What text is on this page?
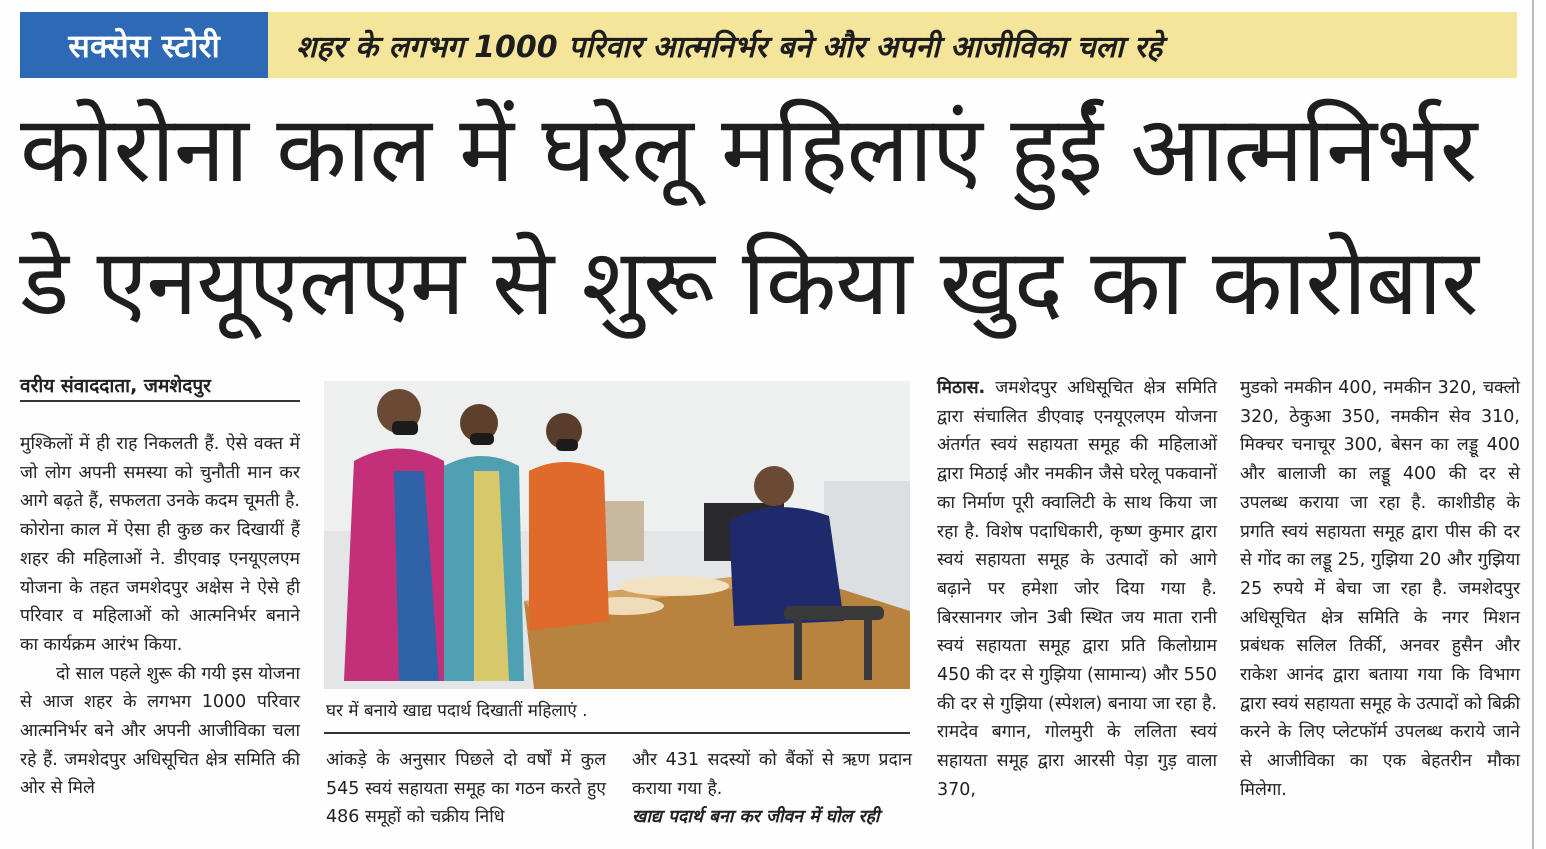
सक्सेस स्टोरी	शहर के लगभग 1000 परिवार आत्मनिर्भर बने और अपनी आजीविका चला रहे
कोरोना काल में घरेलू महिलाएं हुईं आत्मनिर्भर
डे एनयूएलएम से शुरू किया खुद का कारोबार
वरीय संवाददाता, जमशेदपुर

मुश्किलों में ही राह निकलती हैं. ऐसे वक्त में जो लोग अपनी समस्या को चुनौती मान कर आगे बढ़ते हैं, सफलता उनके कदम चूमती है. कोरोना काल में ऐसा ही कुछ कर दिखायीं हैं शहर की महिलाओं ने. डीएवाइ एनयूएलएम योजना के तहत जमशेदपुर अक्षेस ने ऐसे ही परिवार व महिलाओं को आत्मनिर्भर बनाने का कार्यक्रम आरंभ किया.

दो साल पहले शुरू की गयी इस योजना से आज शहर के लगभग 1000 परिवार आत्मनिर्भर बने और अपनी आजीविका चला रहे हैं. जमशेदपुर अधिसूचित क्षेत्र समिति की ओर से मिले

घर में बनाये खाद्य पदार्थ दिखातीं महिलाएं .

आंकड़े के अनुसार पिछले दो वर्षों में कुल 545 स्वयं सहायता समूह का गठन करते हुए 486 समूहों को चक्रीय निधि

और 431 सदस्यों को बैंकों से ऋण प्रदान कराया गया है.

खाद्य पदार्थ बना कर जीवन में घोल रही

मिठास. जमशेदपुर अधिसूचित क्षेत्र समिति द्वारा संचालित डीएवाइ एनयूएलएम योजना अंतर्गत स्वयं सहायता समूह की महिलाओं द्वारा मिठाई और नमकीन जैसे घरेलू पकवानों का निर्माण पूरी क्वालिटी के साथ किया जा रहा है. विशेष पदाधिकारी, कृष्ण कुमार द्वारा स्वयं सहायता समूह के उत्पादों को आगे बढ़ाने पर हमेशा जोर दिया गया है. बिरसानगर जोन 3बी स्थित जय माता रानी स्वयं सहायता समूह द्वारा प्रति किलोग्राम 450 की दर से गुझिया (सामान्य) और 550 की दर से गुझिया (स्पेशल) बनाया जा रहा है. रामदेव बगान, गोलमुरी के ललिता स्वयं सहायता समूह द्वारा आरसी पेड़ा गुड़ वाला 370,

मुडको नमकीन 400, नमकीन 320, चक्लो 320, ठेकुआ 350, नमकीन सेव 310, मिक्चर चनाचूर 300, बेसन का लड्डू 400 और बालाजी का लड्डू 400 की दर से उपलब्ध कराया जा रहा है. काशीडीह के प्रगति स्वयं सहायता समूह द्वारा पीस की दर से गोंद का लड्डू 25, गुझिया 20 और गुझिया 25 रुपये में बेचा जा रहा है. जमशेदपुर अधिसूचित क्षेत्र समिति के नगर मिशन प्रबंधक सलिल तिर्की, अनवर हुसैन और राकेश आनंद द्वारा बताया गया कि विभाग द्वारा स्वयं सहायता समूह के उत्पादों को बिक्री करने के लिए प्लेटफॉर्म उपलब्ध कराये जाने से आजीविका का एक बेहतरीन मौका मिलेगा.
